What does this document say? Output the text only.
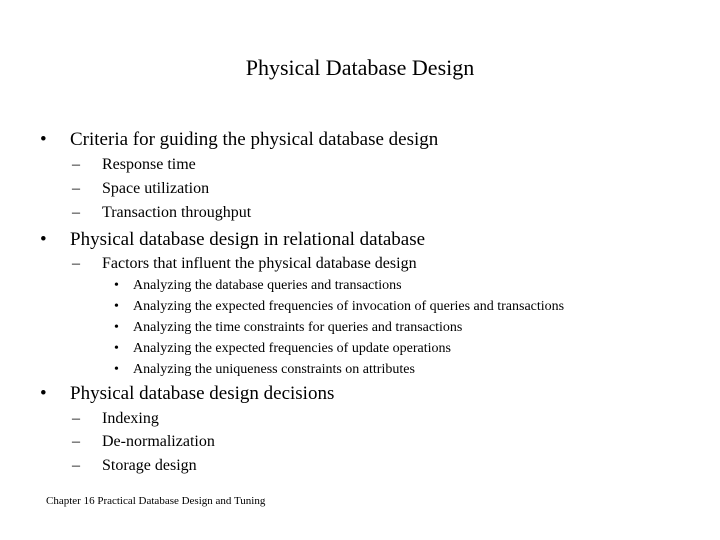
Physical Database Design
• Criteria for guiding the physical database design
– Response time
– Space utilization
– Transaction throughput
• Physical database design in relational database
– Factors that influent the physical database design
• Analyzing the database queries and transactions
• Analyzing the expected frequencies of invocation of queries and transactions
• Analyzing the time constraints for queries and transactions
• Analyzing the expected frequencies of update operations
• Analyzing the uniqueness constraints on attributes
• Physical database design decisions
– Indexing
– De-normalization
– Storage design
Chapter 16 Practical Database Design and Tuning
